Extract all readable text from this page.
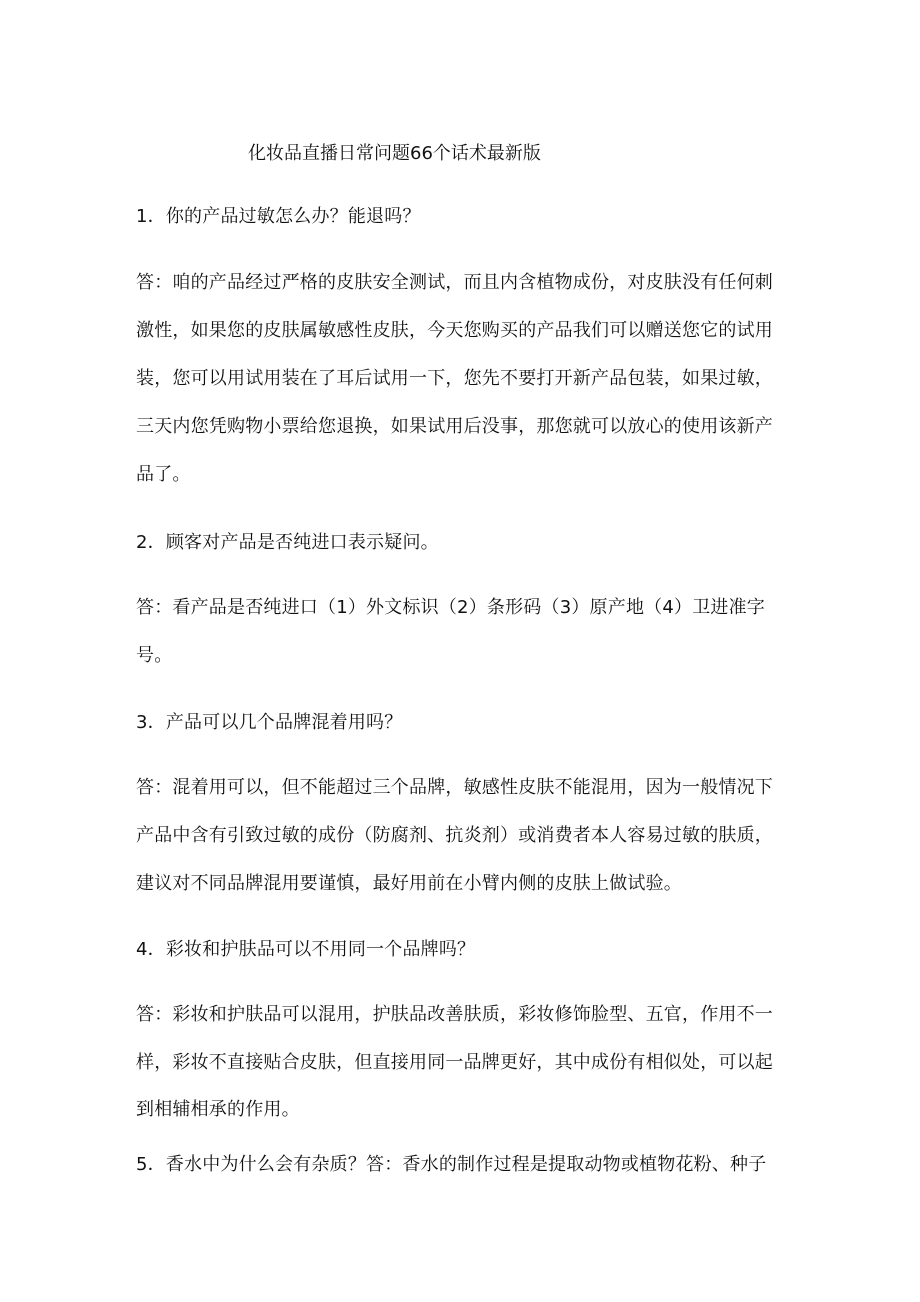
化妆品直播日常问题66个话术最新版
1．你的产品过敏怎么办？能退吗？
答：咱的产品经过严格的皮肤安全测试，而且内含植物成份，对皮肤没有任何刺
激性，如果您的皮肤属敏感性皮肤，今天您购买的产品我们可以赠送您它的试用
装，您可以用试用装在了耳后试用一下，您先不要打开新产品包装，如果过敏，
三天内您凭购物小票给您退换，如果试用后没事，那您就可以放心的使用该新产
品了。
2．顾客对产品是否纯进口表示疑问。
答：看产品是否纯进口（1）外文标识（2）条形码（3）原产地（4）卫进准字
号。
3．产品可以几个品牌混着用吗？
答：混着用可以，但不能超过三个品牌，敏感性皮肤不能混用，因为一般情况下
产品中含有引致过敏的成份（防腐剂、抗炎剂）或消费者本人容易过敏的肤质，
建议对不同品牌混用要谨慎，最好用前在小臂内侧的皮肤上做试验。
4．彩妆和护肤品可以不用同一个品牌吗？
答：彩妆和护肤品可以混用，护肤品改善肤质，彩妆修饰脸型、五官，作用不一
样，彩妆不直接贴合皮肤，但直接用同一品牌更好，其中成份有相似处，可以起
到相辅相承的作用。
5．香水中为什么会有杂质？答：香水的制作过程是提取动物或植物花粉、种子
